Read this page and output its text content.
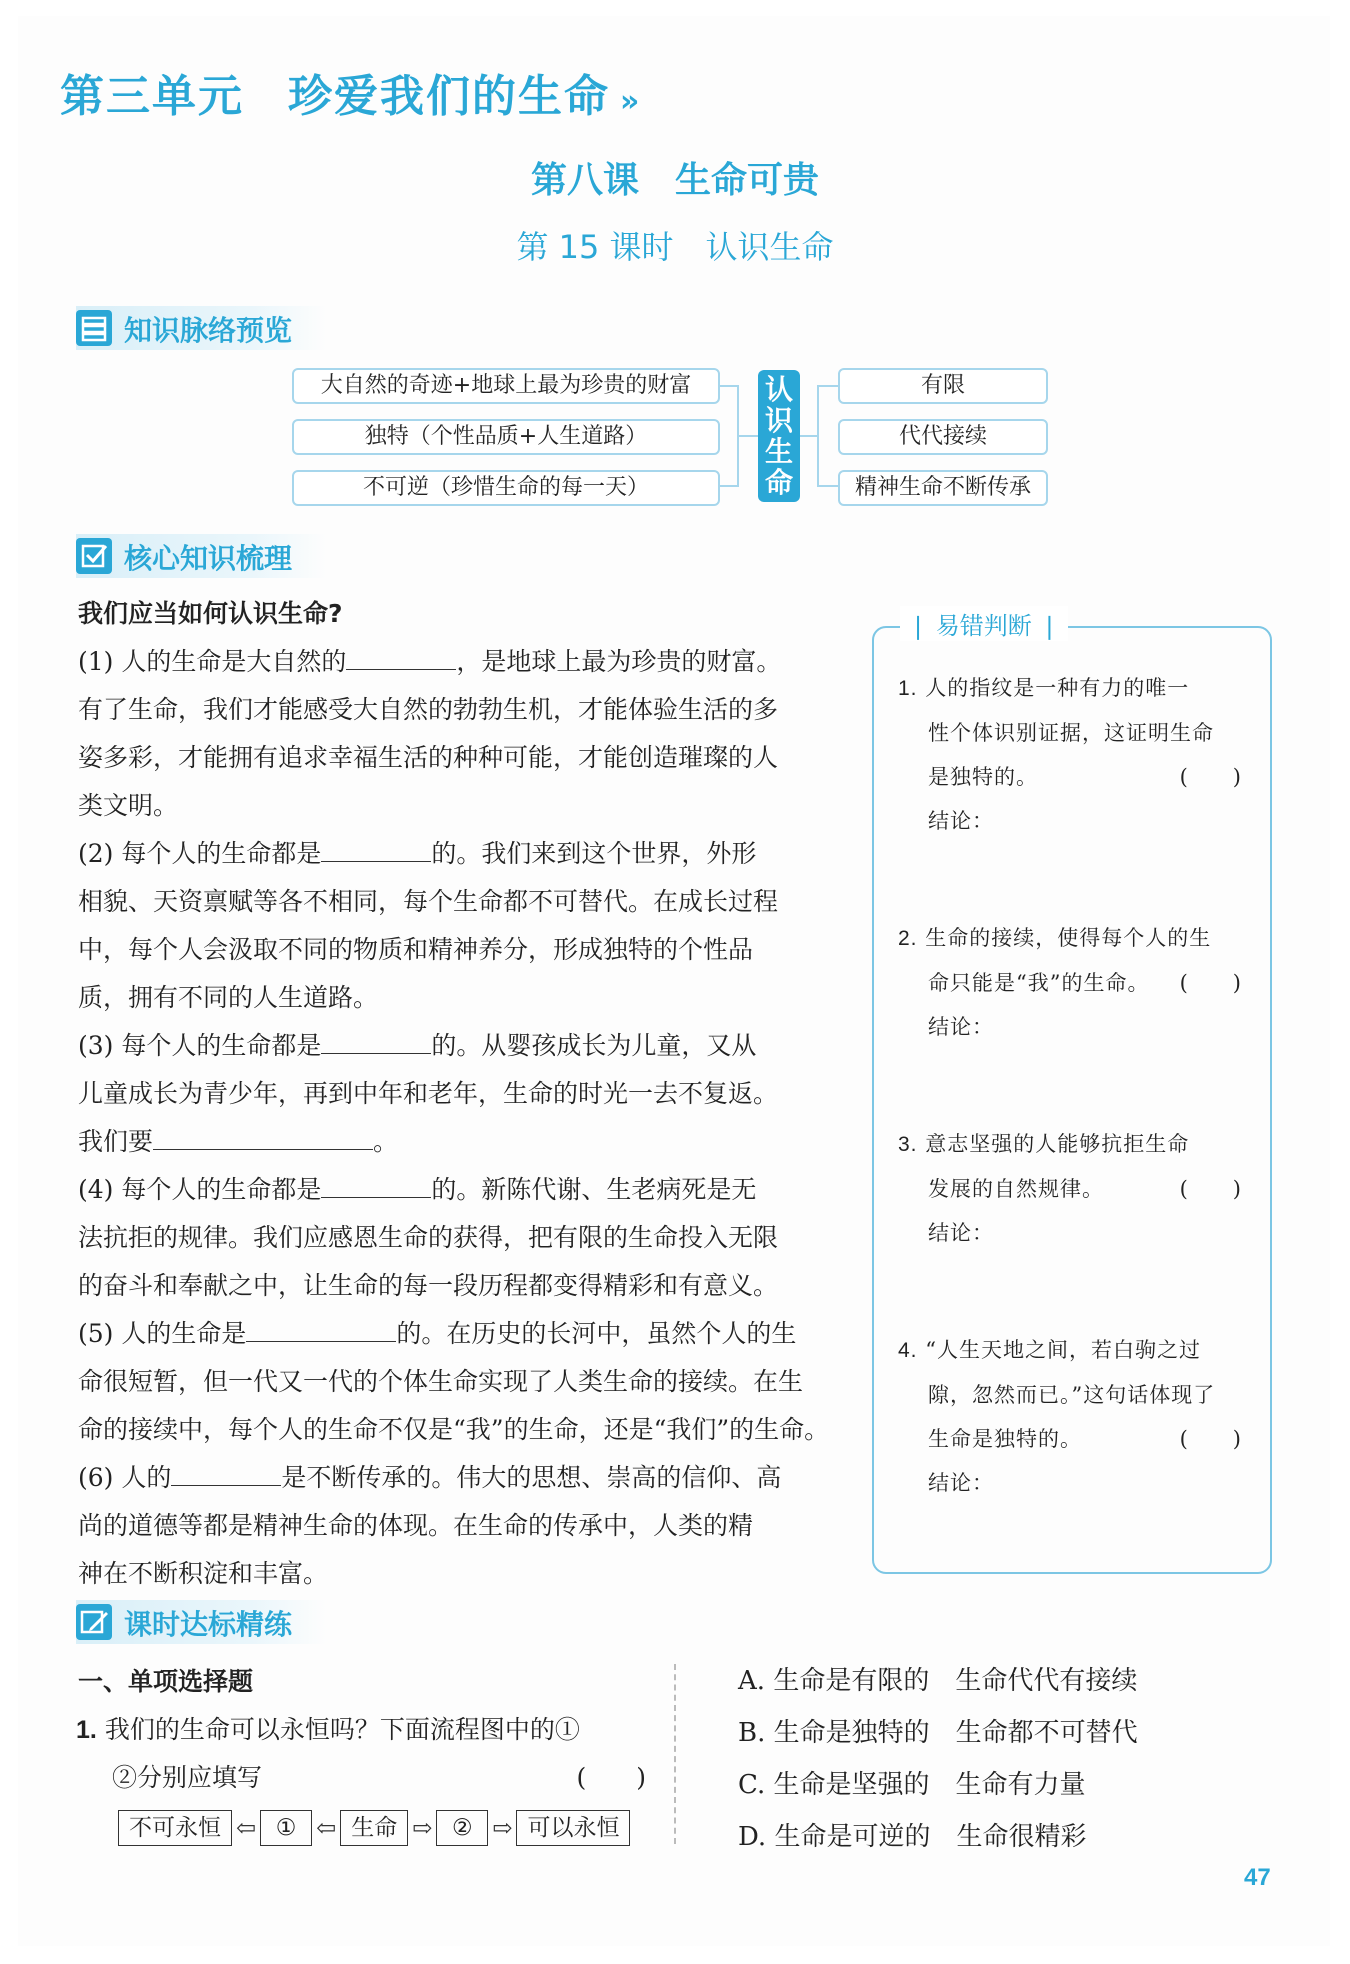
第三单元 珍爱我们的生命 »
第八课　生命可贵
第 15 课时　认识生命
知识脉络预览
大自然的奇迹+地球上最为珍贵的财富
独特（个性品质+人生道路）
不可逆（珍惜生命的每一天）
认
识
生
命
有限
代代接续
精神生命不断传承
核心知识梳理
我们应当如何认识生命?
(1) 人的生命是大自然的	，是地球上最为珍贵的财富。
有了生命，我们才能感受大自然的勃勃生机，才能体验生活的多
姿多彩，才能拥有追求幸福生活的种种可能，才能创造璀璨的人
类文明。
(2) 每个人的生命都是	的。我们来到这个世界，外形
相貌、天资禀赋等各不相同，每个生命都不可替代。在成长过程
中，每个人会汲取不同的物质和精神养分，形成独特的个性品
质，拥有不同的人生道路。
(3) 每个人的生命都是	的。从婴孩成长为儿童，又从
儿童成长为青少年，再到中年和老年，生命的时光一去不复返。
我们要	。
(4) 每个人的生命都是	的。新陈代谢、生老病死是无
法抗拒的规律。我们应感恩生命的获得，把有限的生命投入无限
的奋斗和奉献之中，让生命的每一段历程都变得精彩和有意义。
(5) 人的生命是	的。在历史的长河中，虽然个人的生
命很短暂，但一代又一代的个体生命实现了人类生命的接续。在生
命的接续中，每个人的生命不仅是“我”的生命，还是“我们”的生命。
(6) 人的	是不断传承的。伟大的思想、崇高的信仰、高
尚的道德等都是精神生命的体现。在生命的传承中，人类的精
神在不断积淀和丰富。
❘ 易错判断 ❘
1. 人的指纹是一种有力的唯一
性个体识别证据，这证明生命
是独特的。	(　　)
结论：
2. 生命的接续，使得每个人的生
命只能是“我”的生命。 (　　)
结论：
3. 意志坚强的人能够抗拒生命
发展的自然规律。	(　　)
结论：
4. “人生天地之间，若白驹之过
隙，忽然而已。”这句话体现了
生命是独特的。	(　　)
结论：
课时达标精练
一、单项选择题
1. 我们的生命可以永恒吗？下面流程图中的①
②分别应填写	(　　)
不可永恒 ⇦ ① ⇦ 生命 ⇨ ② ⇨ 可以永恒
A. 生命是有限的　生命代代有接续
B. 生命是独特的　生命都不可替代
C. 生命是坚强的　生命有力量
D. 生命是可逆的　生命很精彩
47
